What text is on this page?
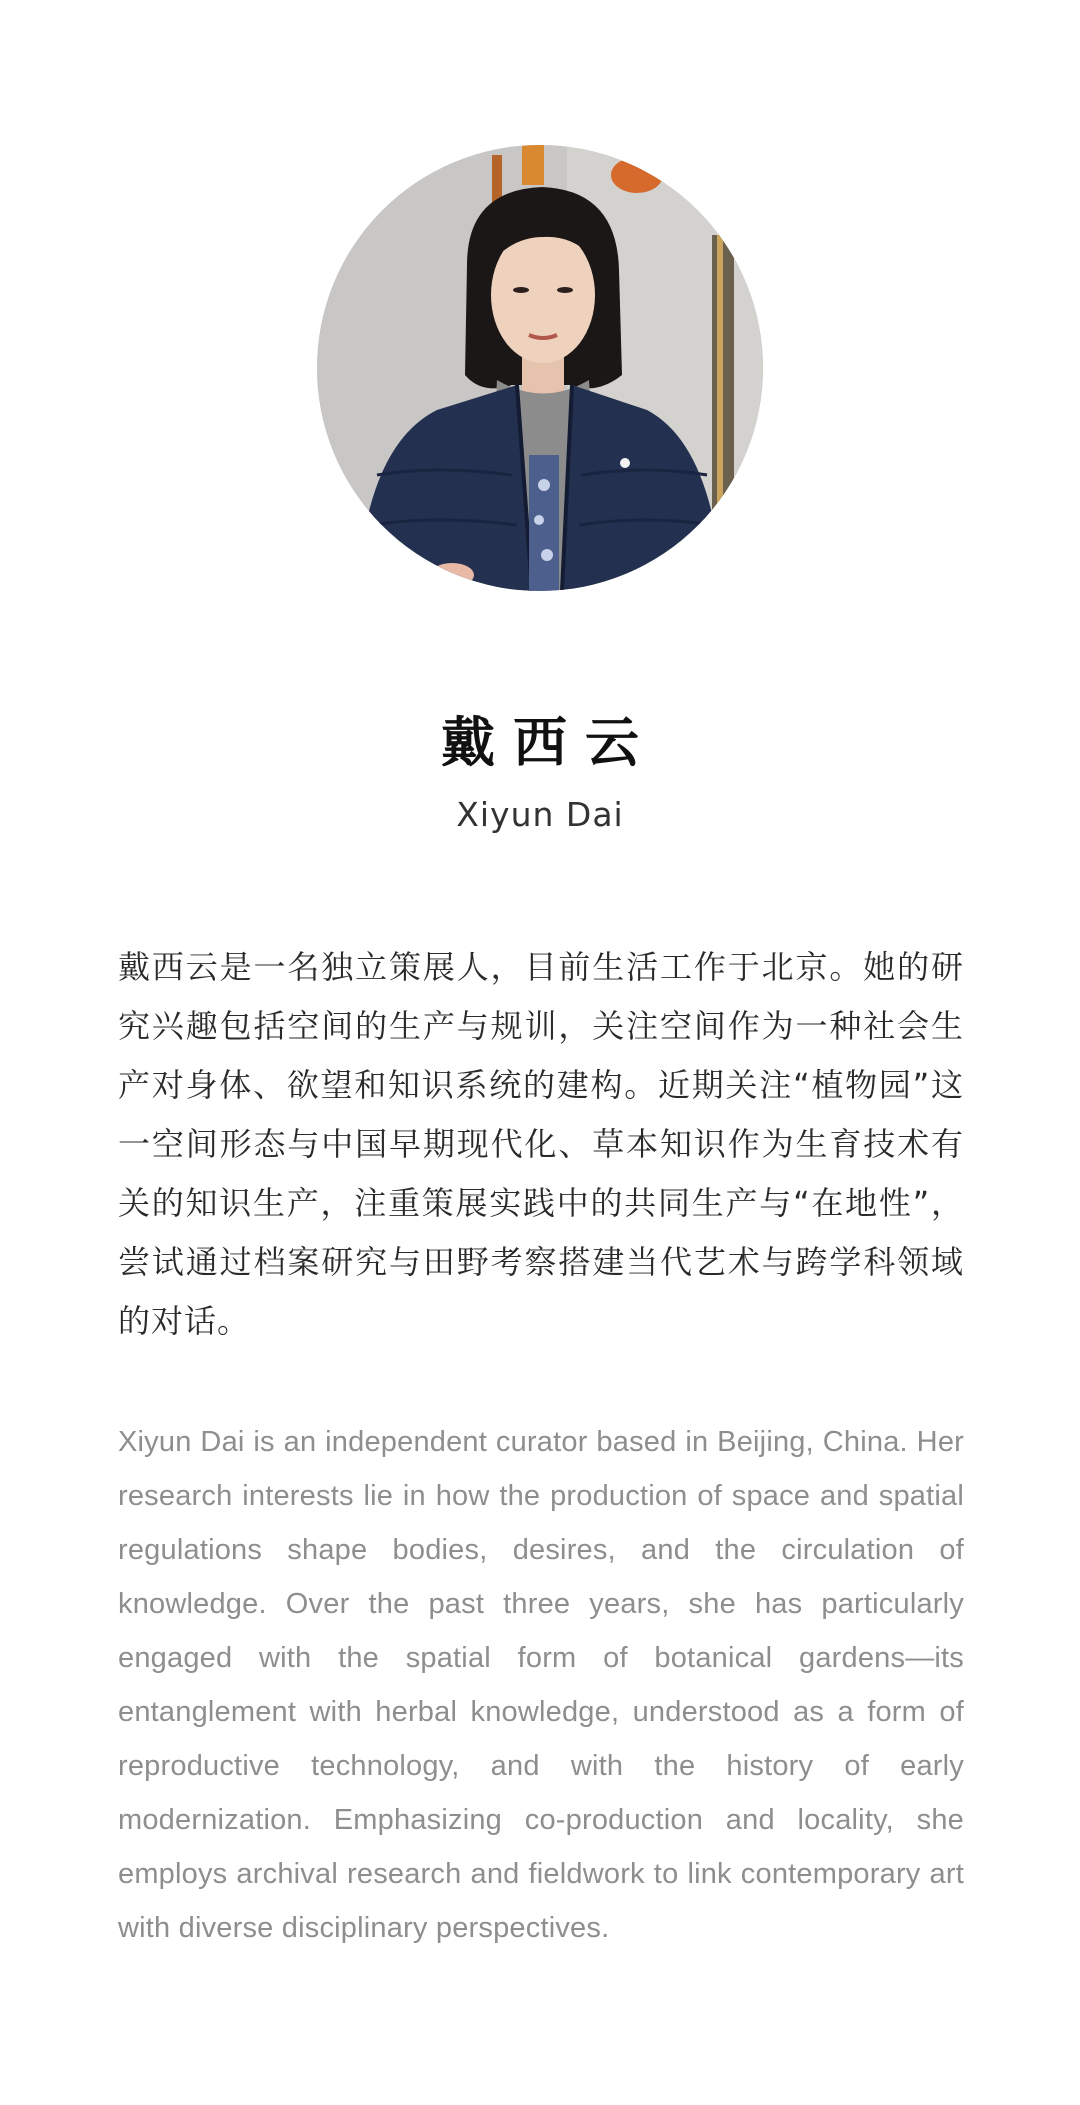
戴西云
Xiyun Dai

戴西云是一名独立策展人，目前生活工作于北京。她的研究兴趣包括空间的生产与规训，关注空间作为一种社会生产对身体、欲望和知识系统的建构。近期关注“植物园”这一空间形态与中国早期现代化、草本知识作为生育技术有关的知识生产，注重策展实践中的共同生产与“在地性”，尝试通过档案研究与田野考察搭建当代艺术与跨学科领域的对话。

Xiyun Dai is an independent curator based in Beijing, China. Her research interests lie in how the production of space and spatial regulations shape bodies, desires, and the circulation of knowledge. Over the past three years, she has particularly engaged with the spatial form of botanical gardens—its entanglement with herbal knowledge, understood as a form of reproductive technology, and with the history of early modernization. Emphasizing co-production and locality, she employs archival research and fieldwork to link contemporary art with diverse disciplinary perspectives.
